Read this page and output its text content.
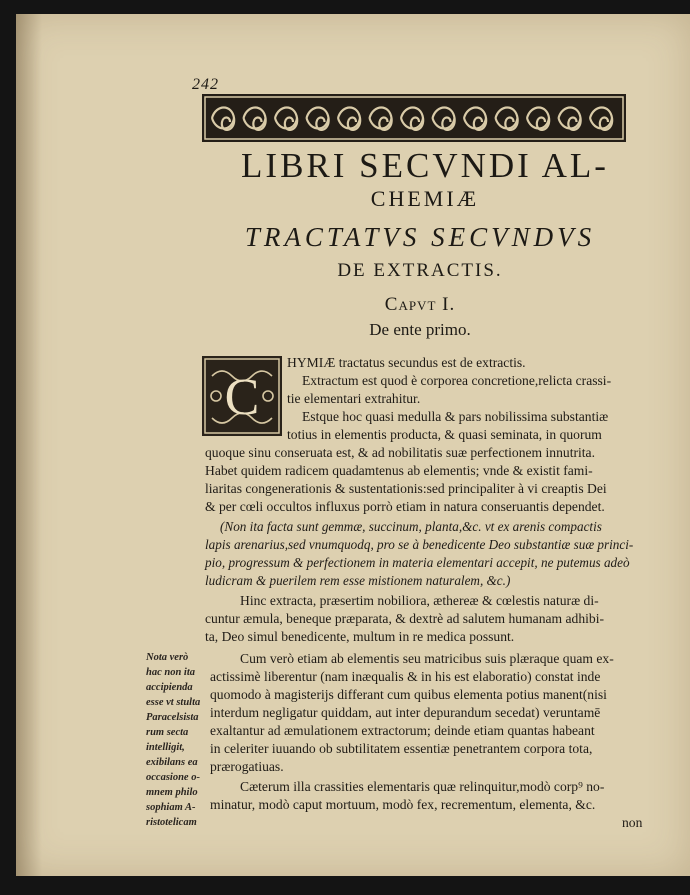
242
LIBRI SECVNDI AL-
CHEMIÆ
TRACTATVS SECVNDVS
DE EXTRACTIS.
Capvt I.
De ente primo.
C
HYMIÆ tractatus secundus est de extractis.
Extractum est quod è corporea concretione,relicta crassi-
tie elementari extrahitur.
Estque hoc quasi medulla & pars nobilissima substantiæ
totius in elementis producta, & quasi seminata, in quorum
quoque sinu conseruata est, & ad nobilitatis suæ perfectionem innutrita.
Habet quidem radicem quadamtenus ab elementis; vnde & existit fami-
liaritas congenerationis & sustentationis:sed principaliter à vi creaptis Dei
& per cœli occultos influxus porrò etiam in natura conseruantis dependet.
(Non ita facta sunt gemmæ, succinum, planta,&c. vt ex arenis compactis
lapis arenarius,sed vnumquodq, pro se à benedicente Deo substantiæ suæ princi-
pio, progressum & perfectionem in materia elementari accepit, ne putemus adeò
ludicram & puerilem rem esse mistionem naturalem, &c.)
Hinc extracta, præsertim nobiliora, æthereæ & cœlestis naturæ di-
cuntur æmula, beneque præparata, & dextrè ad salutem humanam adhibi-
ta, Deo simul benedicente, multum in re medica possunt.
Cum verò etiam ab elementis seu matricibus suis plæraque quam ex-
actissimè liberentur (nam inæqualis & in his est elaboratio) constat inde
quomodo à magisterijs differant cum quibus elementa potius manent(nisi
interdum negligatur quiddam, aut inter depurandum secedat) veruntamē
exaltantur ad æmulationem extractorum; deinde etiam quantas habeant
in celeriter iuuando ob subtilitatem essentiæ penetrantem corpora tota,
prærogatiuas.
Cæterum illa crassities elementaris quæ relinquitur,modò corp⁹ no-
minatur, modò caput mortuum, modò fex, recrementum, elementa, &c.
non
Nota verò
hac non ita
accipienda
esse vt stulta
Paracelsista
rum secta
intelligit,
exibilans ea
occasione o-
mnem philo
sophiam A-
ristotelicam
